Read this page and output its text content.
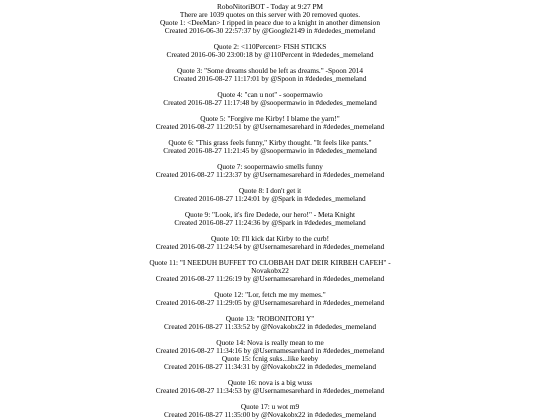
RoboNitoriBOT - Today at 9:27 PM
There are 1039 quotes on this server with 20 removed quotes.
Quote 1: <DeeMan> I ripped in peace due to a knight in another dimension
Created 2016-06-30 22:57:37 by @Google2149 in #dededes_memeland
Quote 2: <110Percent> FISH STICKS
Created 2016-06-30 23:00:18 by @110Percent in #dededes_memeland
Quote 3: "Some dreams should be left as dreams." -Spoon 2014
Created 2016-08-27 11:17:01 by @Spoon in #dededes_memeland
Quote 4: "can u not" - soopermawio
Created 2016-08-27 11:17:48 by @soopermawio in #dededes_memeland
Quote 5: "Forgive me Kirby! I blame the yarn!"
Created 2016-08-27 11:20:51 by @Usernamesarehard in #dededes_memeland
Quote 6: "This grass feels funny," Kirby thought. "It feels like pants."
Created 2016-08-27 11:21:45 by @soopermawio in #dededes_memeland
Quote 7: soopermawio smells funny
Created 2016-08-27 11:23:37 by @Usernamesarehard in #dededes_memeland
Quote 8: I don't get it
Created 2016-08-27 11:24:01 by @Spark in #dededes_memeland
Quote 9: "Look, it's fire Dedede, our hero!" - Meta Knight
Created 2016-08-27 11:24:36 by @Spark in #dededes_memeland
Quote 10: I'll kick dat Kirby to the curb!
Created 2016-08-27 11:24:54 by @Usernamesarehard in #dededes_memeland
Quote 11: "I NEEDUH BUFFET TO CLOBBAH DAT DEIR KIRBEH CAFEH" -
Novakobx22
Created 2016-08-27 11:26:19 by @Usernamesarehard in #dededes_memeland
Quote 12: "Lor, fetch me my memes."
Created 2016-08-27 11:29:05 by @Usernamesarehard in #dededes_memeland
Quote 13: "ROBONITORI Y"
Created 2016-08-27 11:33:52 by @Novakobx22 in #dededes_memeland
Quote 14: Nova is really mean to me
Created 2016-08-27 11:34:16 by @Usernamesarehard in #dededes_memeland
Quote 15: fcnig suks...like keeby
Created 2016-08-27 11:34:31 by @Novakobx22 in #dededes_memeland
Quote 16: nova is a big wuss
Created 2016-08-27 11:34:53 by @Usernamesarehard in #dededes_memeland
Quote 17: u wot m9
Created 2016-08-27 11:35:00 by @Novakobx22 in #dededes_memeland
